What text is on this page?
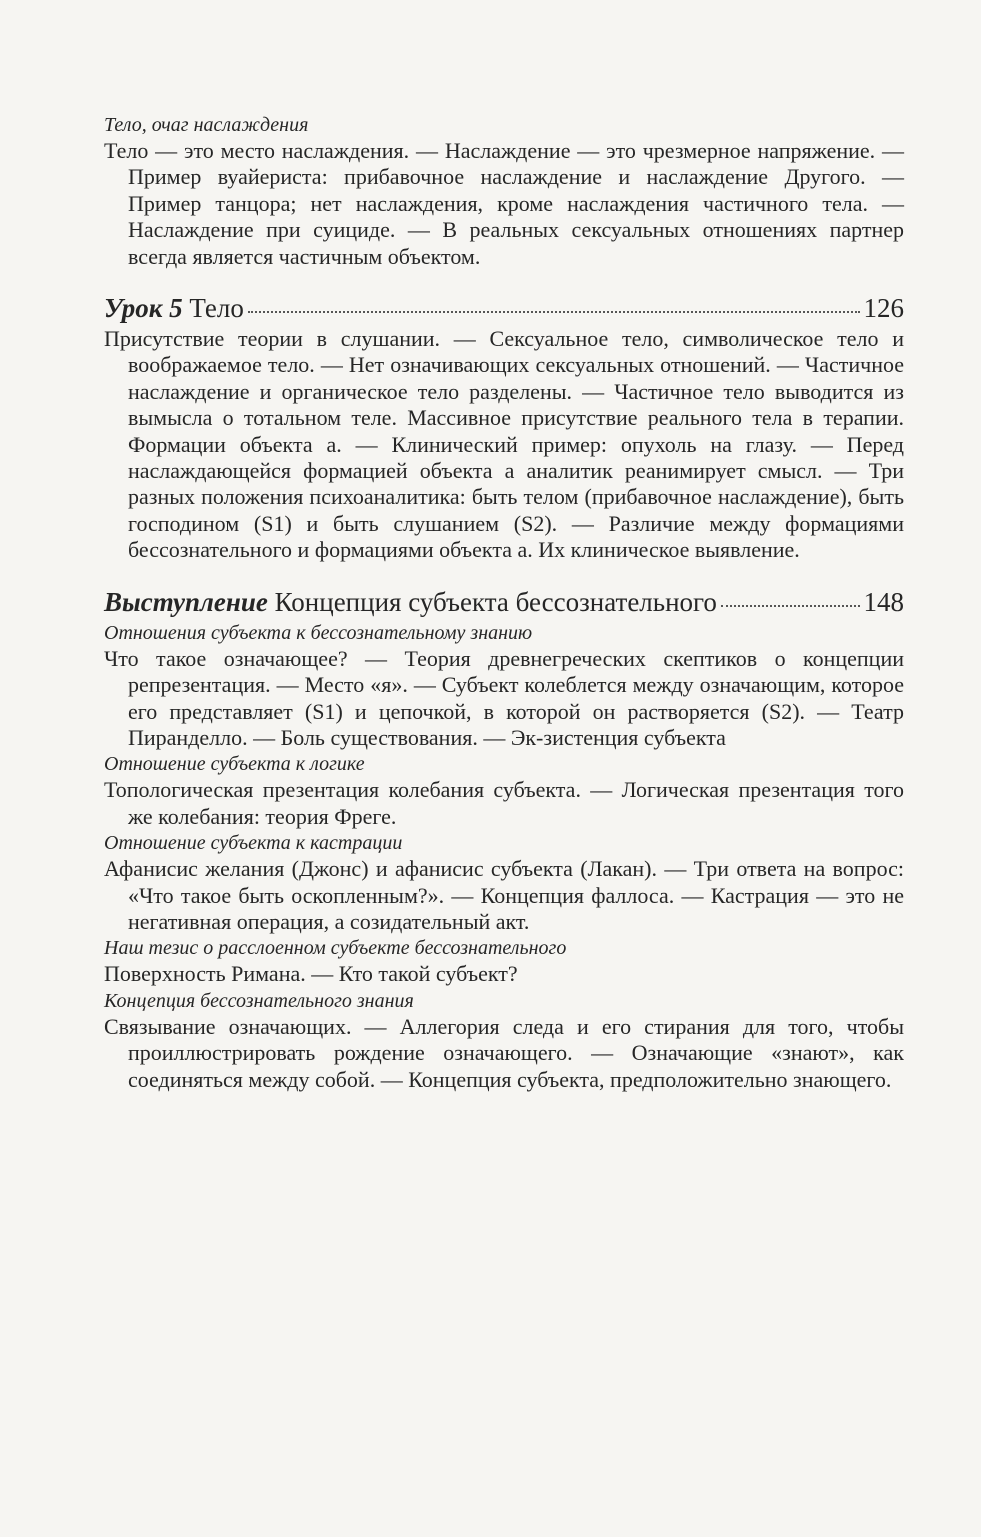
Тело, очаг наслаждения

Тело — это место наслаждения. — Наслаждение — это чрезмерное напряжение. — Пример вуайериста: прибавочное наслаждение и наслаждение Другого. — Пример танцора; нет наслаждения, кроме наслаждения частичного тела. — Наслаждение при суициде. — В реальных сексуальных отношениях партнер всегда является частичным объектом.

Урок 5 Тело	126

Присутствие теории в слушании. — Сексуальное тело, символическое тело и воображаемое тело. — Нет означивающих сексуальных отношений. — Частичное наслаждение и органическое тело разделены. — Частичное тело выводится из вымысла о тотальном теле. Массивное присутствие реального тела в терапии. Формации объекта a. — Клинический пример: опухоль на глазу. — Перед наслаждающейся формацией объекта a аналитик реанимирует смысл. — Три разных положения психоаналитика: быть телом (прибавочное наслаждение), быть господином (S1) и быть слушанием (S2). — Различие между формациями бессознательного и формациями объекта a. Их клиническое выявление.

Выступление Концепция субъекта бессознательного	148

Отношения субъекта к бессознательному знанию

Что такое означающее? — Теория древнегреческих скептиков о концепции репрезентация. — Место «я». — Субъект колеблется между означающим, которое его представляет (S1) и цепочкой, в которой он растворяется (S2). — Театр Пиранделло. — Боль существования. — Эк-зистенция субъекта

Отношение субъекта к логике

Топологическая презентация колебания субъекта. — Логическая презентация того же колебания: теория Фреге.

Отношение субъекта к кастрации

Афанисис желания (Джонс) и афанисис субъекта (Лакан). — Три ответа на вопрос: «Что такое быть оскопленным?». — Концепция фаллоса. — Кастрация — это не негативная операция, а созидательный акт.

Наш тезис о расслоенном субъекте бессознательного

Поверхность Римана. — Кто такой субъект?

Концепция бессознательного знания

Связывание означающих. — Аллегория следа и его стирания для того, чтобы проиллюстрировать рождение означающего. — Означающие «знают», как соединяться между собой. — Концепция субъекта, предположительно знающего.
